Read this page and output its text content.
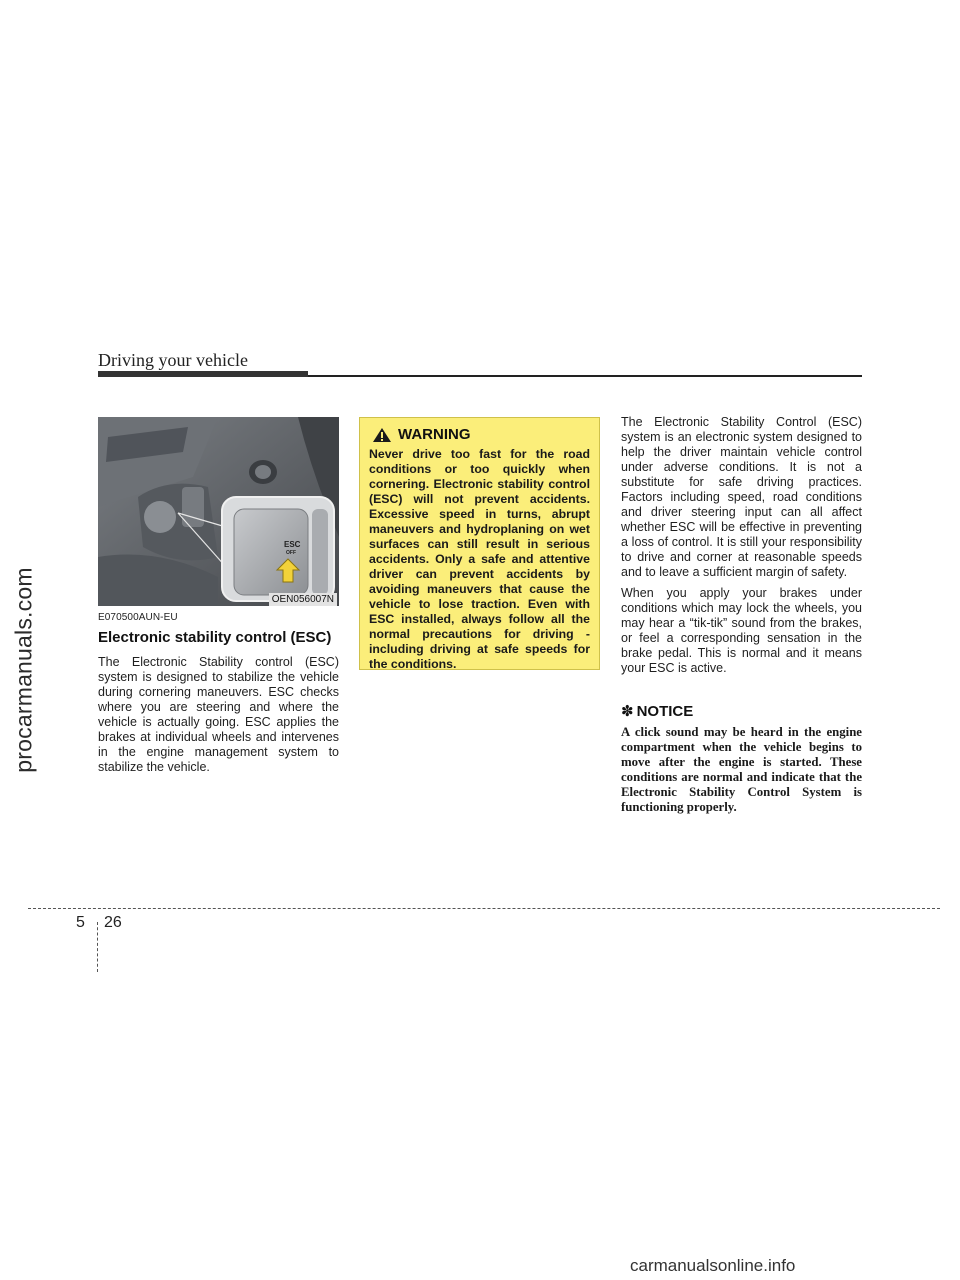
procarmanuals.com
Driving your vehicle
ESC
OFF
OEN056007N
E070500AUN-EU
Electronic stability control (ESC)
The Electronic Stability control (ESC) system is designed to stabilize the vehicle during cornering maneuvers. ESC checks where you are steering and where the vehicle is actually going. ESC applies the brakes at individual wheels and intervenes in the engine management system to stabilize the vehicle.
WARNING
Never drive too fast for the road conditions or too quickly when cornering. Electronic stability control (ESC) will not prevent accidents. Excessive speed in turns, abrupt maneuvers and hydroplaning on wet surfaces can still result in serious accidents. Only a safe and attentive driver can prevent accidents by avoiding maneuvers that cause the vehicle to lose traction. Even with ESC installed, always follow all the normal precautions for driving - including driving at safe speeds for the conditions.
The Electronic Stability Control (ESC) system is an electronic system designed to help the driver maintain vehicle control under adverse conditions. It is not a substitute for safe driving practices. Factors including speed, road conditions and driver steering input can all affect whether ESC will be effective in preventing a loss of control. It is still your responsibility to drive and corner at reasonable speeds and to leave a sufficient margin of safety.
When you apply your brakes under conditions which may lock the wheels, you may hear a “tik-tik” sound from the brakes, or feel a corresponding sensation in the brake pedal. This is normal and it means your ESC is active.
✽ NOTICE
A click sound may be heard in the engine compartment when the vehicle begins to move after the engine is started. These conditions are normal and indicate that the Electronic Stability Control System is functioning properly.
5 26
carmanualsonline.info
